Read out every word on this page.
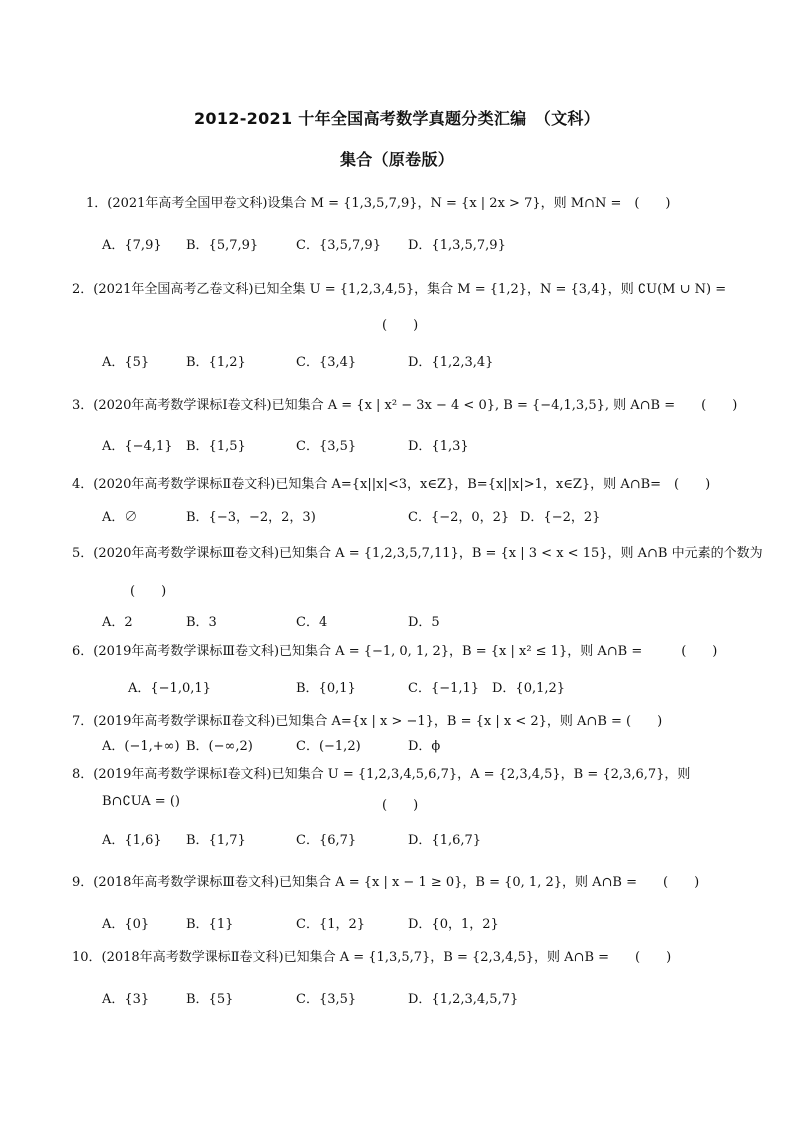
2012-2021 十年全国高考数学真题分类汇编　（文科）
集合（原卷版）
1．(2021年高考全国甲卷文科)设集合 M = {1,3,5,7,9}，N = {x | 2x > 7}，则 M∩N =　(　　)
A．{7,9} B．{5,7,9}	C．{3,5,7,9} D．{1,3,5,7,9}
2．(2021年全国高考乙卷文科)已知全集 U = {1,2,3,4,5}，集合 M = {1,2}，N = {3,4}，则 ∁U(M ∪ N) =
(　　)
A．{5}	B．{1,2}	C．{3,4}	D．{1,2,3,4}
3．(2020年高考数学课标Ⅰ卷文科)已知集合 A = {x | x² − 3x − 4 < 0}, B = {−4,1,3,5}, 则 A∩B =　　(　　)
A．{−4,1} B．{1,5}	C．{3,5}	D．{1,3}
4．(2020年高考数学课标Ⅱ卷文科)已知集合 A={x||x|<3，x∈Z}，B={x||x|>1，x∈Z}，则 A∩B=　(　　)
A．∅	B．{−3，−2，2，3)	C．{−2，0，2} D．{−2，2}
5．(2020年高考数学课标Ⅲ卷文科)已知集合 A = {1,2,3,5,7,11}，B = {x | 3 < x < 15}，则 A∩B 中元素的个数为
(　　)
A．2	B．3	C．4	D．5
6．(2019年高考数学课标Ⅲ卷文科)已知集合 A = {−1, 0, 1, 2}，B = {x | x² ≤ 1}，则 A∩B =　　　(　　)
A．{−1,0,1}	B．{0,1}	C．{−1,1} D．{0,1,2}
7．(2019年高考数学课标Ⅱ卷文科)已知集合 A={x | x > −1}，B = {x | x < 2}，则 A∩B = (　　)
A．(−1,+∞) B．(−∞,2)	C．(−1,2)	D．ϕ
8．(2019年高考数学课标Ⅰ卷文科)已知集合 U = {1,2,3,4,5,6,7}，A = {2,3,4,5}，B = {2,3,6,7}，则
B∩∁UA = ()	(　　)
A．{1,6} B．{1,7}	C．{6,7}	D．{1,6,7}
9．(2018年高考数学课标Ⅲ卷文科)已知集合 A = {x | x − 1 ≥ 0}，B = {0, 1, 2}，则 A∩B =　　(　　)
A．{0}	B．{1}	C．{1，2}	D．{0，1，2}
10．(2018年高考数学课标Ⅱ卷文科)已知集合 A = {1,3,5,7}，B = {2,3,4,5}，则 A∩B =　　(　　)
A．{3}	B．{5}	C．{3,5}	D．{1,2,3,4,5,7}
